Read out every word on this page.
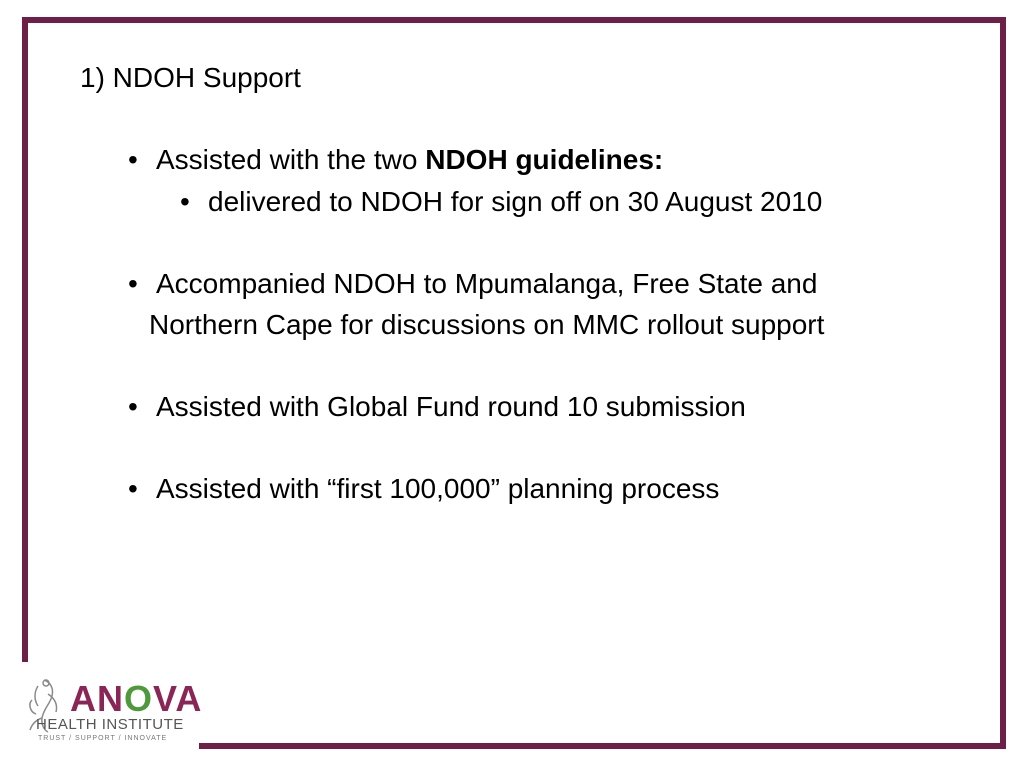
1) NDOH Support
• Assisted with the two NDOH guidelines:
• delivered to NDOH for sign off on 30 August 2010
• Accompanied NDOH to Mpumalanga, Free State and
Northern Cape for discussions on MMC rollout support
• Assisted with Global Fund round 10 submission
• Assisted with “first 100,000” planning process
ANOVA
HEALTH INSTITUTE
TRUST / SUPPORT / INNOVATE
